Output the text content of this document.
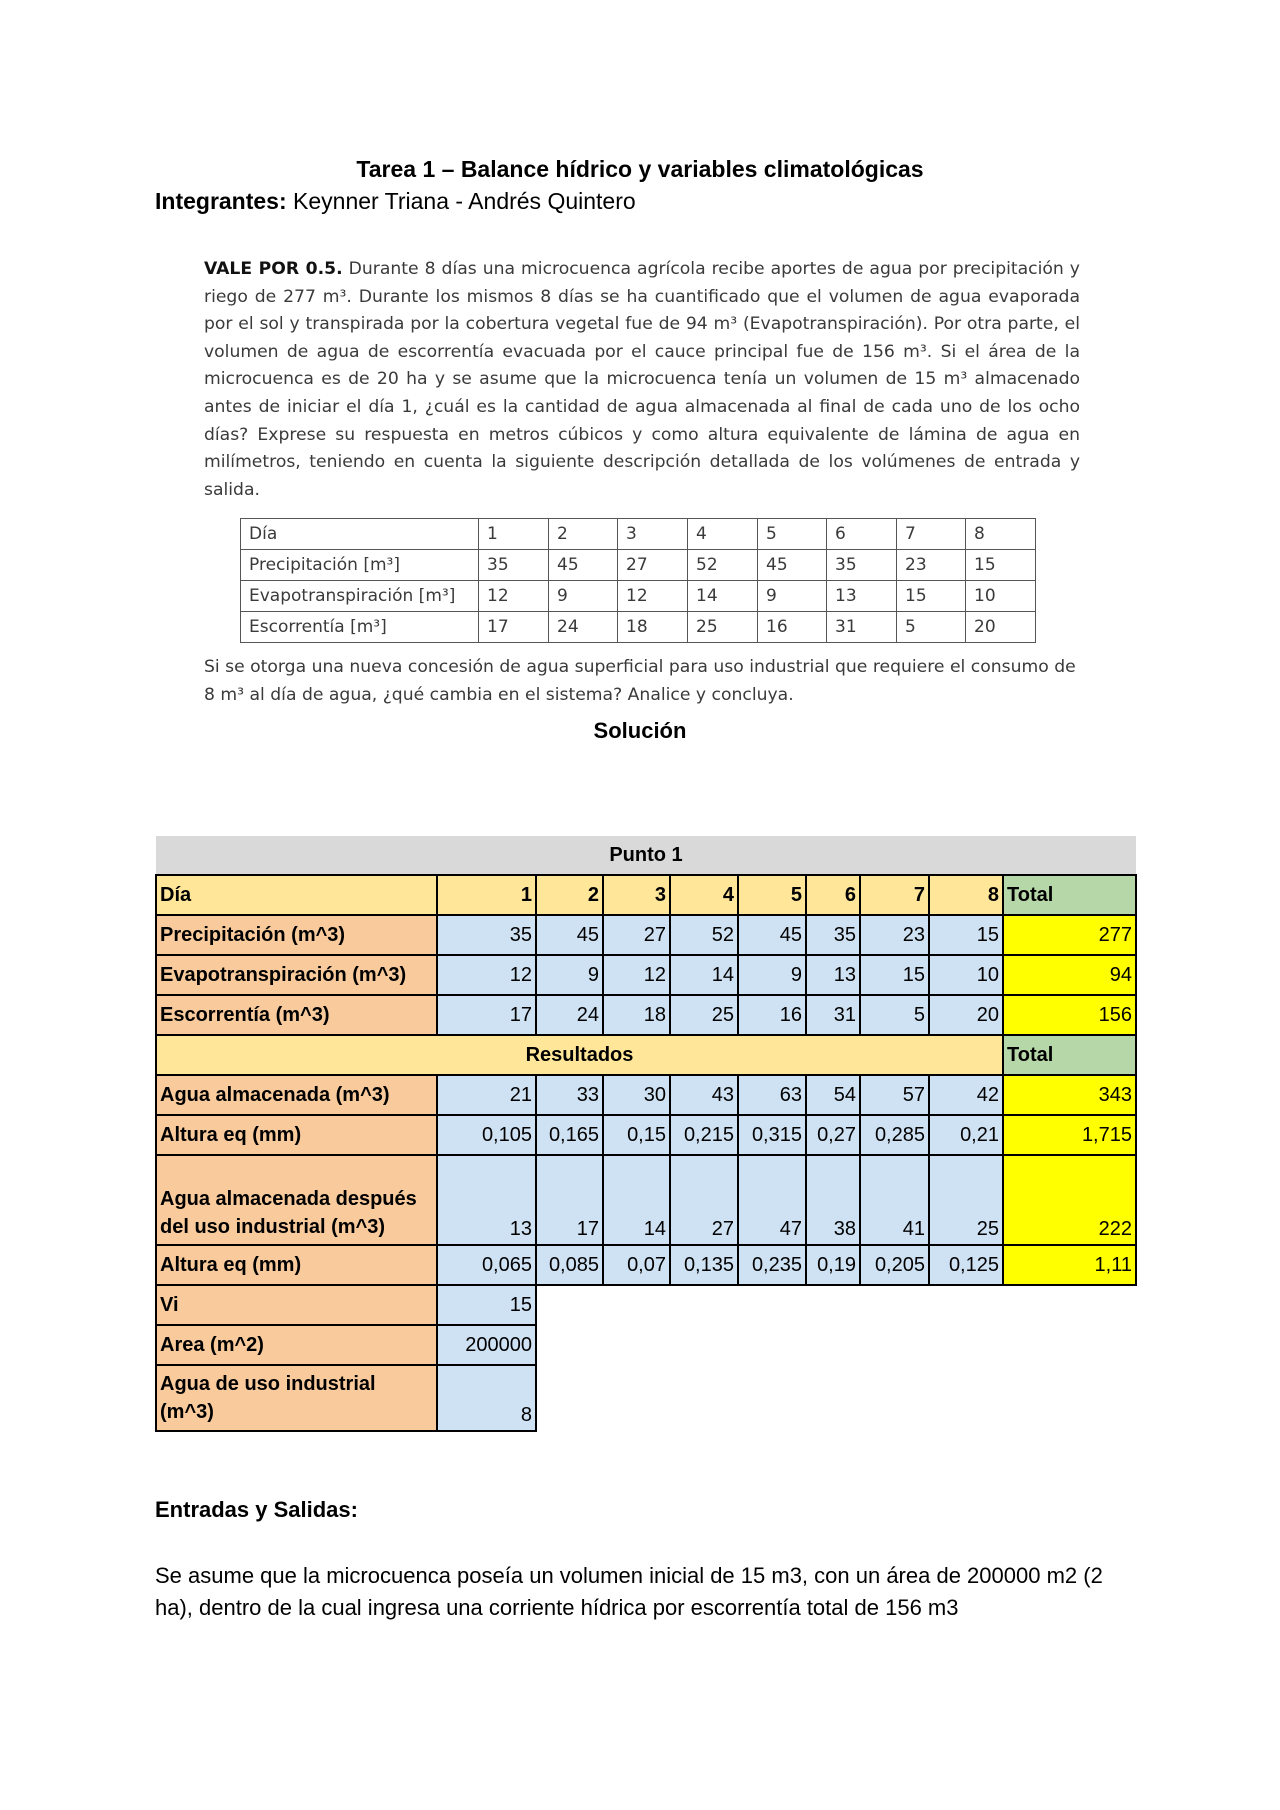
Tarea 1 – Balance hídrico y variables climatológicas
Integrantes: Keynner Triana - Andrés Quintero
VALE POR 0.5. Durante 8 días una microcuenca agrícola recibe aportes de agua por precipitación y riego de 277 m³. Durante los mismos 8 días se ha cuantificado que el volumen de agua evaporada por el sol y transpirada por la cobertura vegetal fue de 94 m³ (Evapotranspiración). Por otra parte, el volumen de agua de escorrentía evacuada por el cauce principal fue de 156 m³. Si el área de la microcuenca es de 20 ha y se asume que la microcuenca tenía un volumen de 15 m³ almacenado antes de iniciar el día 1, ¿cuál es la cantidad de agua almacenada al final de cada uno de los ocho días? Exprese su respuesta en metros cúbicos y como altura equivalente de lámina de agua en milímetros, teniendo en cuenta la siguiente descripción detallada de los volúmenes de entrada y salida.
Día	1	2	3	4	5	6	7	8
Precipitación [m³]	35	45	27	52	45	35	23	15
Evapotranspiración [m³]	12	9	12	14	9	13	15	10
Escorrentía [m³]	17	24	18	25	16	31	5	20
Si se otorga una nueva concesión de agua superficial para uso industrial que requiere el consumo de 8 m³ al día de agua, ¿qué cambia en el sistema? Analice y concluya.
Solución
Punto 1									
Día	1	2	3	4	5	6	7	8	Total
Precipitación (m^3)	35	45	27	52	45	35	23	15	277
Evapotranspiración (m^3)	12	9	12	14	9	13	15	10	94
Escorrentía (m^3)	17	24	18	25	16	31	5	20	156
Resultados									Total
Agua almacenada (m^3)	21	33	30	43	63	54	57	42	343
Altura eq (mm)	0,105	0,165	0,15	0,215	0,315	0,27	0,285	0,21	1,715
Agua almacenada después del uso industrial (m^3)	13	17	14	27	47	38	41	25	222
Altura eq (mm)	0,065	0,085	0,07	0,135	0,235	0,19	0,205	0,125	1,11
Vi	15								
Area (m^2)	200000								
Agua de uso industrial (m^3)	8								
Entradas y Salidas:
Se asume que la microcuenca poseía un volumen inicial de 15 m3, con un área de 200000 m2 (2 ha), dentro de la cual ingresa una corriente hídrica por escorrentía total de 156 m3
